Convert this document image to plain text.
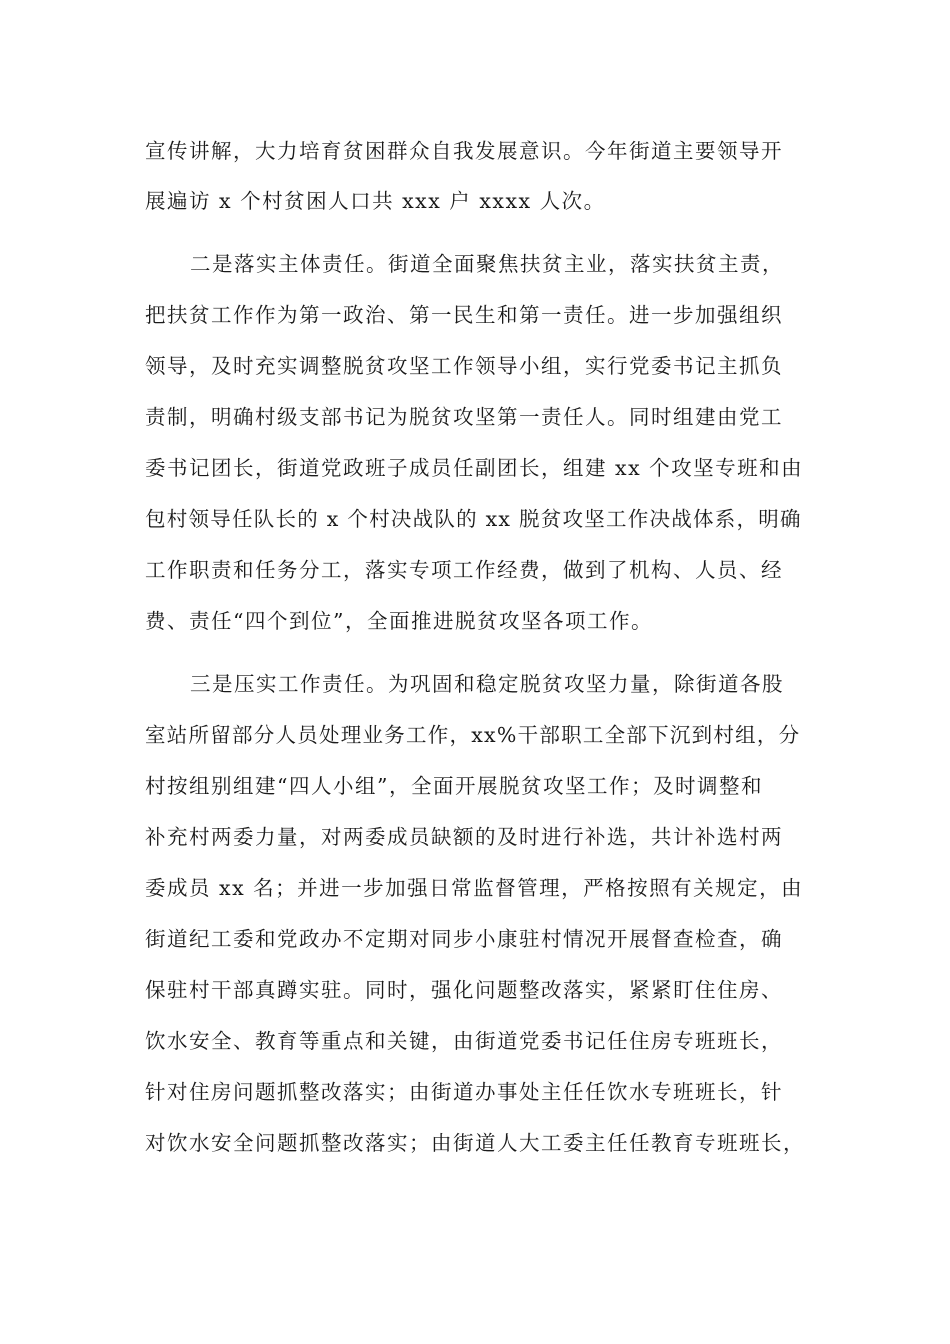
宣传讲解，大力培育贫困群众自我发展意识。今年街道主要领导开
展遍访 x 个村贫困人口共 xxx 户 xxxx 人次。
二是落实主体责任。街道全面聚焦扶贫主业，落实扶贫主责，
把扶贫工作作为第一政治、第一民生和第一责任。进一步加强组织
领导，及时充实调整脱贫攻坚工作领导小组，实行党委书记主抓负
责制，明确村级支部书记为脱贫攻坚第一责任人。同时组建由党工
委书记团长，街道党政班子成员任副团长，组建 xx 个攻坚专班和由
包村领导任队长的 x 个村决战队的 xx 脱贫攻坚工作决战体系，明确
工作职责和任务分工，落实专项工作经费，做到了机构、人员、经
费、责任“四个到位”，全面推进脱贫攻坚各项工作。
三是压实工作责任。为巩固和稳定脱贫攻坚力量，除街道各股
室站所留部分人员处理业务工作，xx%干部职工全部下沉到村组，分
村按组别组建“四人小组”，全面开展脱贫攻坚工作；及时调整和
补充村两委力量，对两委成员缺额的及时进行补选，共计补选村两
委成员 xx 名；并进一步加强日常监督管理，严格按照有关规定，由
街道纪工委和党政办不定期对同步小康驻村情况开展督查检查，确
保驻村干部真蹲实驻。同时，强化问题整改落实，紧紧盯住住房、
饮水安全、教育等重点和关键，由街道党委书记任住房专班班长，
针对住房问题抓整改落实；由街道办事处主任任饮水专班班长，针
对饮水安全问题抓整改落实；由街道人大工委主任任教育专班班长，
